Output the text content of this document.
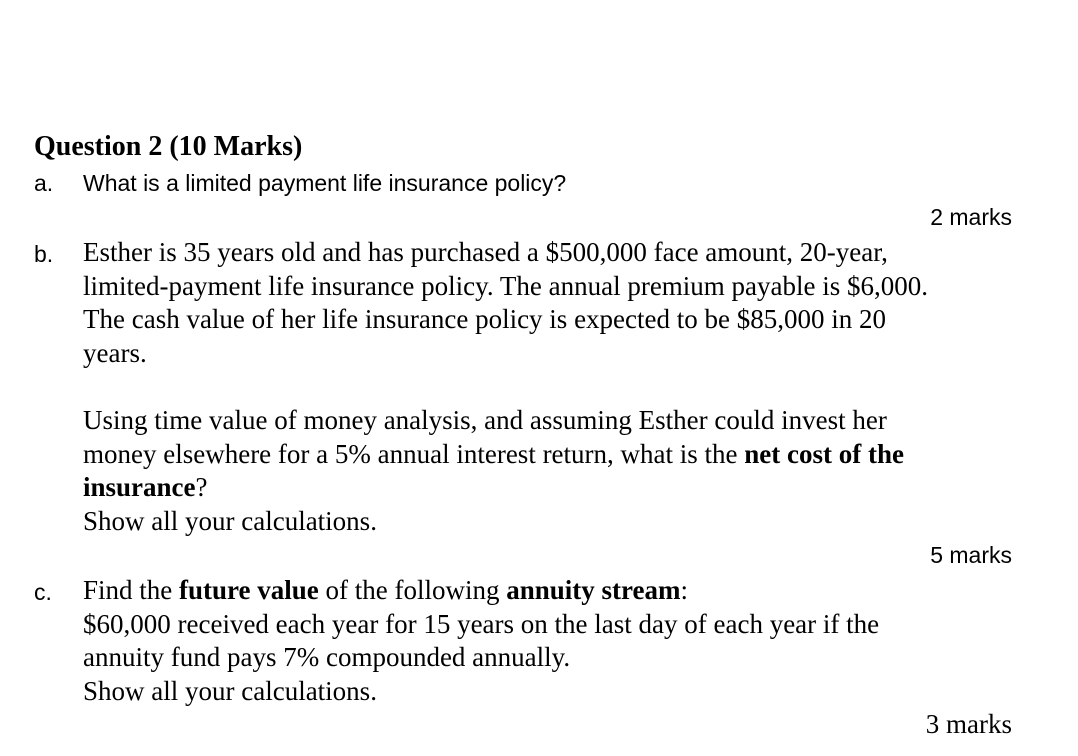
Question 2 (10 Marks)
a. What is a limited payment life insurance policy?
2 marks
b. Esther is 35 years old and has purchased a $500,000 face amount, 20-year,
limited-payment life insurance policy. The annual premium payable is $6,000.
The cash value of her life insurance policy is expected to be $85,000 in 20
years.
Using time value of money analysis, and assuming Esther could invest her
money elsewhere for a 5% annual interest return, what is the net cost of the
insurance?
Show all your calculations.
5 marks
c. Find the future value of the following annuity stream:
$60,000 received each year for 15 years on the last day of each year if the
annuity fund pays 7% compounded annually.
Show all your calculations.
3 marks
